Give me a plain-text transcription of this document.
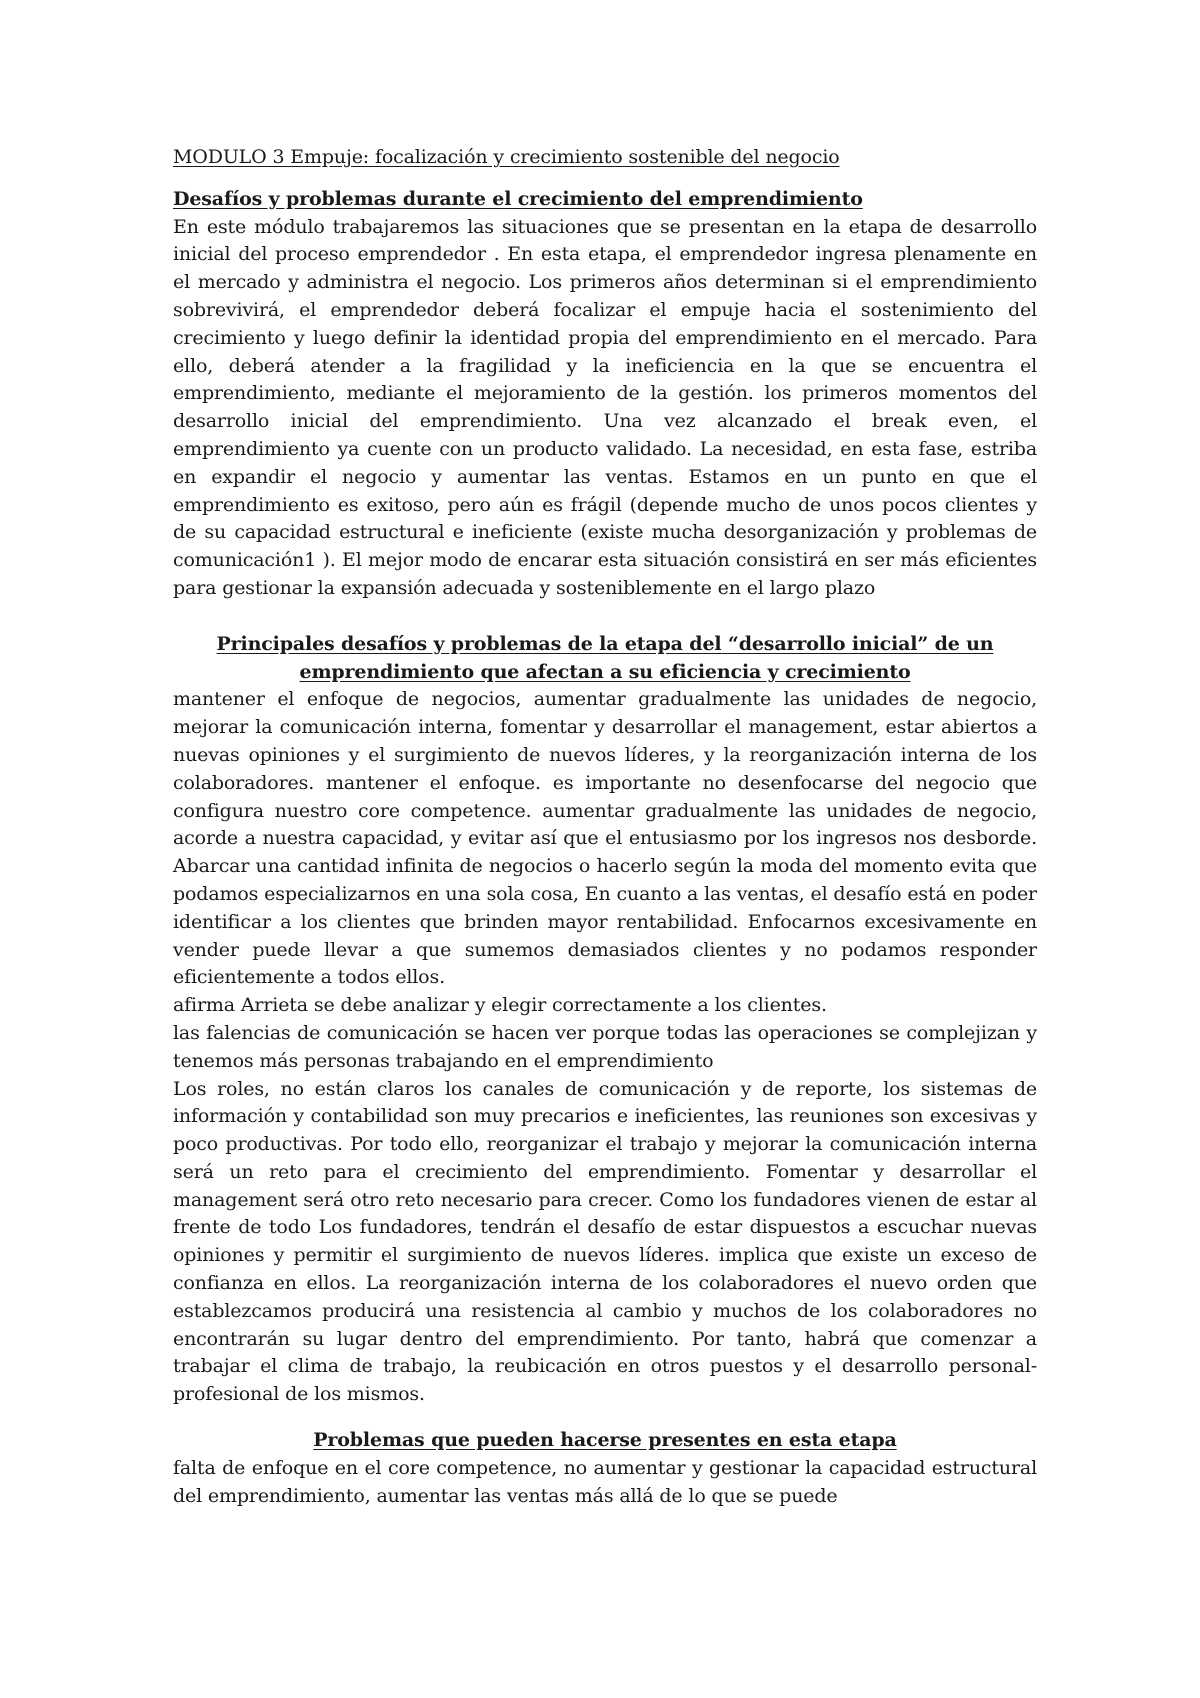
MODULO 3 Empuje: focalización y crecimiento sostenible del negocio

Desafíos y problemas durante el crecimiento del emprendimiento

En este módulo trabajaremos las situaciones que se presentan en la etapa de desarrollo inicial del proceso emprendedor . En esta etapa, el emprendedor ingresa plenamente en el mercado y administra el negocio. Los primeros años determinan si el emprendimiento sobrevivirá, el emprendedor deberá focalizar el empuje hacia el sostenimiento del crecimiento y luego definir la identidad propia del emprendimiento en el mercado. Para ello, deberá atender a la fragilidad y la ineficiencia en la que se encuentra el emprendimiento, mediante el mejoramiento de la gestión. los primeros momentos del desarrollo inicial del emprendimiento. Una vez alcanzado el break even, el emprendimiento ya cuente con un producto validado. La necesidad, en esta fase, estriba en expandir el negocio y aumentar las ventas. Estamos en un punto en que el emprendimiento es exitoso, pero aún es frágil (depende mucho de unos pocos clientes y de su capacidad estructural e ineficiente (existe mucha desorganización y problemas de comunicación1 ). El mejor modo de encarar esta situación consistirá en ser más eficientes para gestionar la expansión adecuada y sosteniblemente en el largo plazo

Principales desafíos y problemas de la etapa del “desarrollo inicial” de un emprendimiento que afectan a su eficiencia y crecimiento

mantener el enfoque de negocios, aumentar gradualmente las unidades de negocio, mejorar la comunicación interna, fomentar y desarrollar el management, estar abiertos a nuevas opiniones y el surgimiento de nuevos líderes, y la reorganización interna de los colaboradores. mantener el enfoque. es importante no desenfocarse del negocio que configura nuestro core competence. aumentar gradualmente las unidades de negocio, acorde a nuestra capacidad, y evitar así que el entusiasmo por los ingresos nos desborde. Abarcar una cantidad infinita de negocios o hacerlo según la moda del momento evita que podamos especializarnos en una sola cosa, En cuanto a las ventas, el desafío está en poder identificar a los clientes que brinden mayor rentabilidad. Enfocarnos excesivamente en vender puede llevar a que sumemos demasiados clientes y no podamos responder eficientemente a todos ellos.

afirma Arrieta se debe analizar y elegir correctamente a los clientes.

las falencias de comunicación se hacen ver porque todas las operaciones se complejizan y tenemos más personas trabajando en el emprendimiento

Los roles, no están claros los canales de comunicación y de reporte, los sistemas de información y contabilidad son muy precarios e ineficientes, las reuniones son excesivas y poco productivas. Por todo ello, reorganizar el trabajo y mejorar la comunicación interna será un reto para el crecimiento del emprendimiento. Fomentar y desarrollar el management será otro reto necesario para crecer. Como los fundadores vienen de estar al frente de todo Los fundadores, tendrán el desafío de estar dispuestos a escuchar nuevas opiniones y permitir el surgimiento de nuevos líderes. implica que existe un exceso de confianza en ellos. La reorganización interna de los colaboradores el nuevo orden que establezcamos producirá una resistencia al cambio y muchos de los colaboradores no encontrarán su lugar dentro del emprendimiento. Por tanto, habrá que comenzar a trabajar el clima de trabajo, la reubicación en otros puestos y el desarrollo personal-profesional de los mismos.

Problemas que pueden hacerse presentes en esta etapa

falta de enfoque en el core competence, no aumentar y gestionar la capacidad estructural del emprendimiento, aumentar las ventas más allá de lo que se puede
